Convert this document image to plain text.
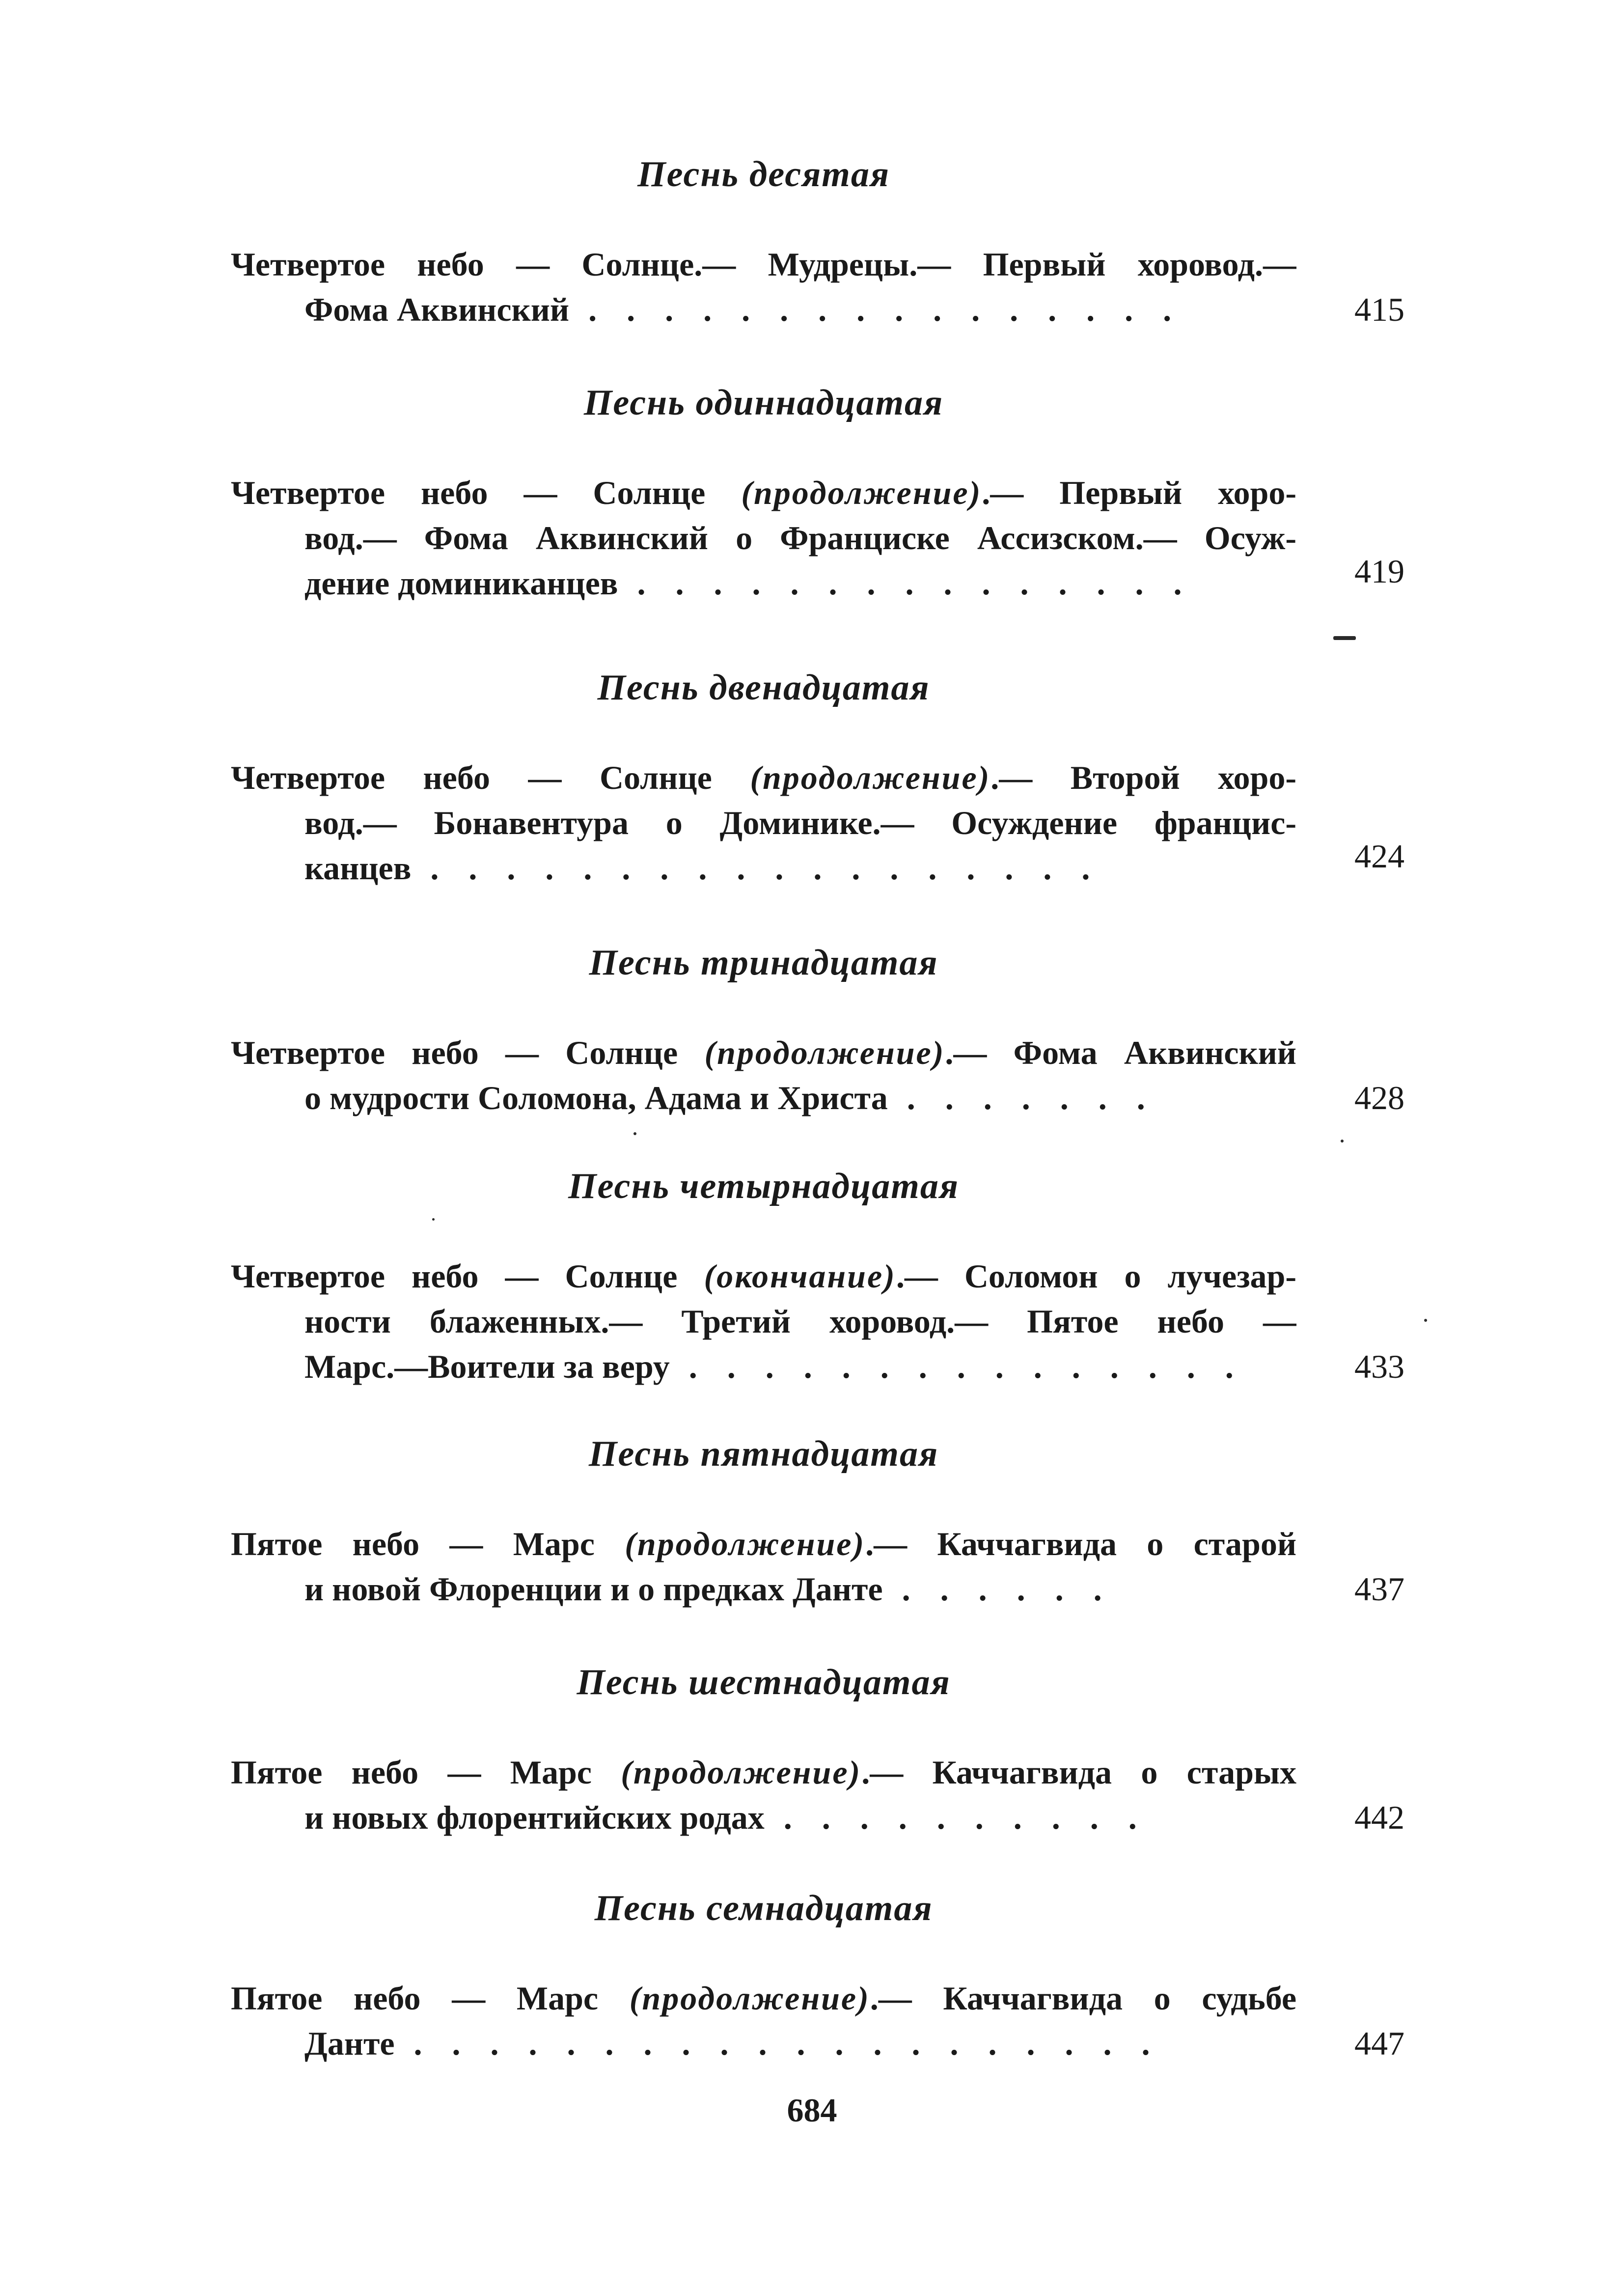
Песнь десятая
Четвертое небо — Солнце.— Мудрецы.— Первый хоровод.—
Фома Аквинский . . . . . . . . . . . . . . . .	415
Песнь одиннадцатая
Четвертое небо — Солнце (продолжение).— Первый хоро-
вод.— Фома Аквинский о Франциске Ассизском.— Осуж-
дение доминиканцев . . . . . . . . . . . . . . .	419
Песнь двенадцатая
Четвертое небо — Солнце (продолжение).— Второй хоро-
вод.— Бонавентура о Доминике.— Осуждение францис-
канцев . . . . . . . . . . . . . . . . . .	424
Песнь тринадцатая
Четвертое небо — Солнце (продолжение).— Фома Аквинский
о мудрости Соломона, Адама и Христа . . . . . . .	428
Песнь четырнадцатая
Четвертое небо — Солнце (окончание).— Соломон о лучезар-
ности блаженных.— Третий хоровод.— Пятое небо —
Марс.—Воители за веру . . . . . . . . . . . . . . .	433
Песнь пятнадцатая
Пятое небо — Марс (продолжение).— Каччагвида о старой
и новой Флоренции и о предках Данте . . . . . .	437
Песнь шестнадцатая
Пятое небо — Марс (продолжение).— Каччагвида о старых
и новых флорентийских родах . . . . . . . . . .	442
Песнь семнадцатая
Пятое небо — Марс (продолжение).— Каччагвида о судьбе
Данте . . . . . . . . . . . . . . . . . . . .	447
684
